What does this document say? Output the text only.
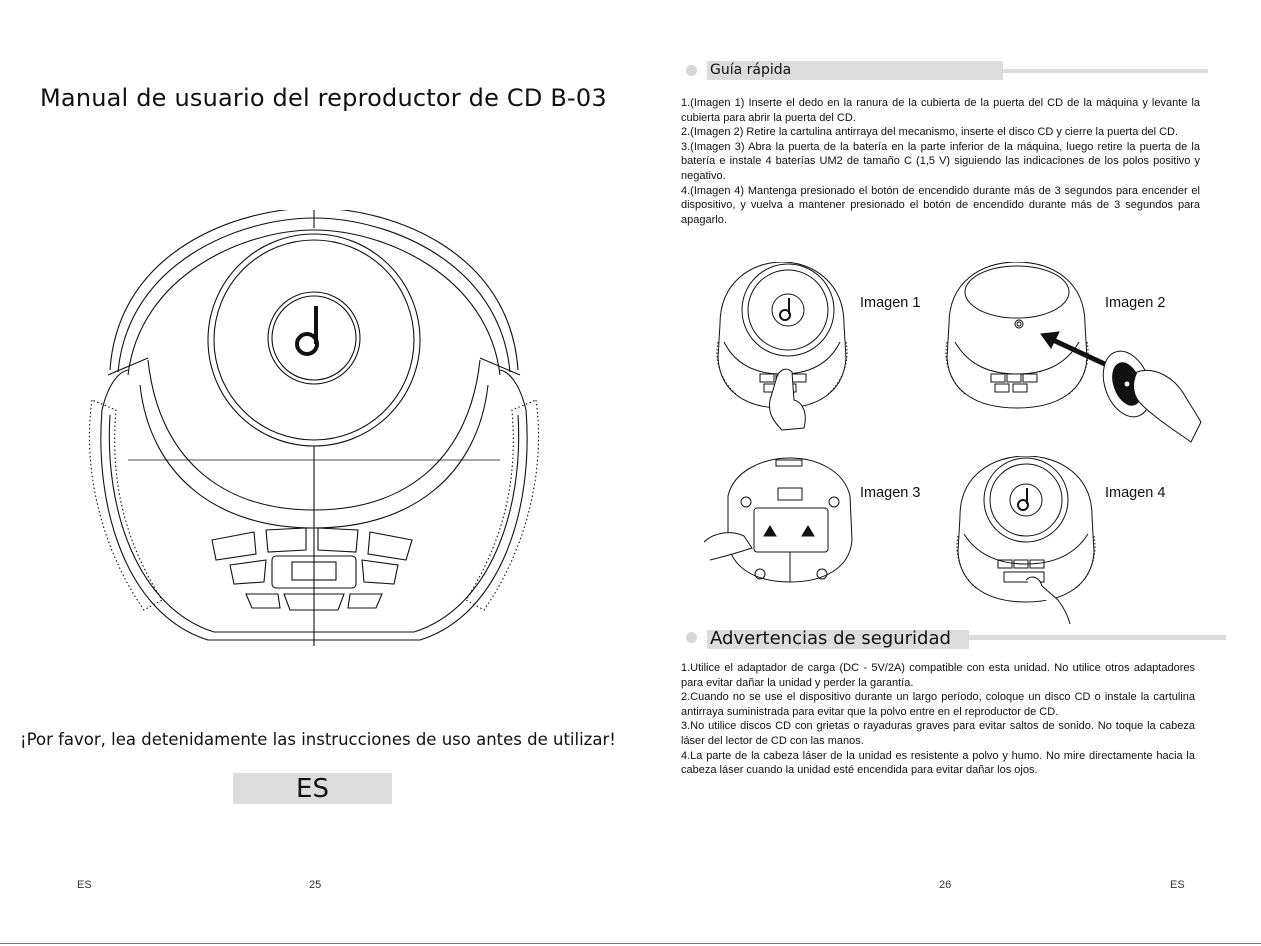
Manual de usuario del reproductor de CD B-03
¡Por favor, lea detenidamente las instrucciones de uso antes de utilizar!
ES
ES	25
Guía rápida

1.(Imagen 1) Inserte el dedo en la ranura de la cubierta de la puerta del CD de la máquina y levante la cubierta para abrir la puerta del CD.

2.(Imagen 2) Retire la cartulina antirraya del mecanismo, inserte el disco CD y cierre la puerta del CD.

3.(Imagen 3) Abra la puerta de la batería en la parte inferior de la máquina, luego retire la puerta de la batería e instale 4 baterías UM2 de tamaño C (1,5 V) siguiendo las indicaciones de los polos positivo y negativo.

4.(Imagen 4) Mantenga presionado el botón de encendido durante más de 3 segundos para encender el dispositivo, y vuelva a mantener presionado el botón de encendido durante más de 3 segundos para apagarlo.

Imagen 1	Imagen 2
Imagen 3	Imagen 4
Advertencias de seguridad

1.Utilice el adaptador de carga (DC - 5V/2A) compatible con esta unidad. No utilice otros adaptadores para evitar dañar la unidad y perder la garantía.

2.Cuando no se use el dispositivo durante un largo período, coloque un disco CD o instale la cartulina antirraya suministrada para evitar que la polvo entre en el reproductor de CD.

3.No utilice discos CD con grietas o rayaduras graves para evitar saltos de sonido. No toque la cabeza láser del lector de CD con las manos.

4.La parte de la cabeza láser de la unidad es resistente a polvo y humo. No mire directamente hacia la cabeza láser cuando la unidad esté encendida para evitar dañar los ojos.

26	ES
